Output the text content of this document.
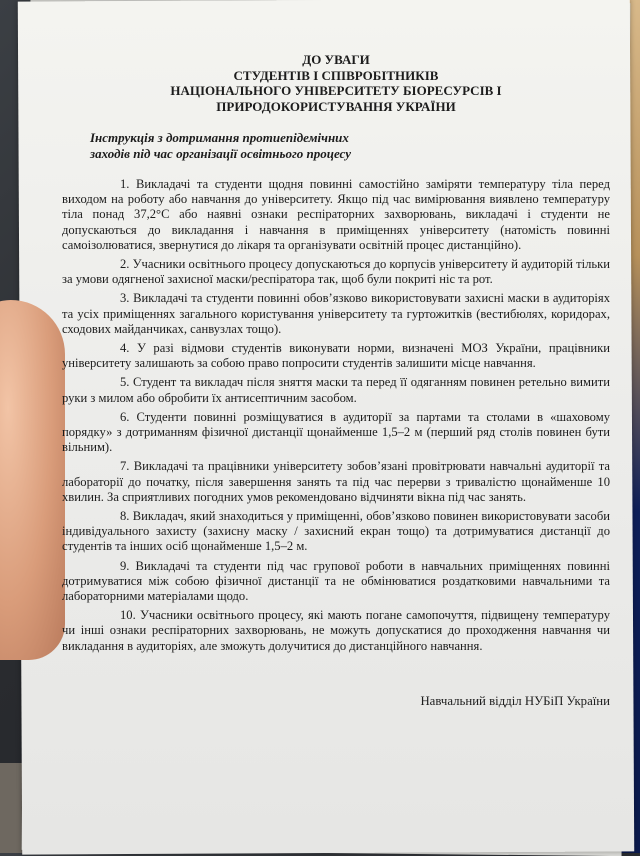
ДО УВАГИ
СТУДЕНТІВ І СПІВРОБІТНИКІВ
НАЦІОНАЛЬНОГО УНІВЕРСИТЕТУ БІОРЕСУРСІВ І
ПРИРОДОКОРИСТУВАННЯ УКРАЇНИ
Інструкція з дотримання протиепідемічних заходів під час організації освітнього процесу

1. Викладачі та студенти щодня повинні самостійно заміряти температуру тіла перед виходом на роботу або навчання до університету. Якщо під час вимірювання виявлено температуру тіла понад 37,2°С або наявні ознаки респіраторних захворювань, викладачі і студенти не допускаються до викладання і навчання в приміщеннях університету (натомість повинні самоізолюватися, звернутися до лікаря та організувати освітній процес дистанційно).

2. Учасники освітнього процесу допускаються до корпусів університету й аудиторій тільки за умови одягненої захисної маски/респіратора так, щоб були покриті ніс та рот.

3. Викладачі та студенти повинні обов’язково використовувати захисні маски в аудиторіях та усіх приміщеннях загального користування університету та гуртожитків (вестибюлях, коридорах, сходових майданчиках, санвузлах тощо).

4. У разі відмови студентів виконувати норми, визначені МОЗ України, працівники університету залишають за собою право попросити студентів залишити місце навчання.

5. Студент та викладач після зняття маски та перед її одяганням повинен ретельно вимити руки з милом або обробити їх антисептичним засобом.

6. Студенти повинні розміщуватися в аудиторії за партами та столами в «шаховому порядку» з дотриманням фізичної дистанції щонайменше 1,5–2 м (перший ряд столів повинен бути вільним).

7. Викладачі та працівники університету зобов’язані провітрювати навчальні аудиторії та лабораторії до початку, після завершення занять та під час перерви з тривалістю щонайменше 10 хвилин. За сприятливих погодних умов рекомендовано відчиняти вікна під час занять.

8. Викладач, який знаходиться у приміщенні, обов’язково повинен використовувати засоби індивідуального захисту (захисну маску / захисний екран тощо) та дотримуватися дистанції до студентів та інших осіб щонайменше 1,5–2 м.

9. Викладачі та студенти під час групової роботи в навчальних приміщеннях повинні дотримуватися між собою фізичної дистанції та не обмінюватися роздатковими навчальними та лабораторними матеріалами щодо.

10. Учасники освітнього процесу, які мають погане самопочуття, підвищену температуру чи інші ознаки респіраторних захворювань, не можуть допускатися до проходження навчання чи викладання в аудиторіях, але зможуть долучитися до дистанційного навчання.

Навчальний відділ НУБіП України
